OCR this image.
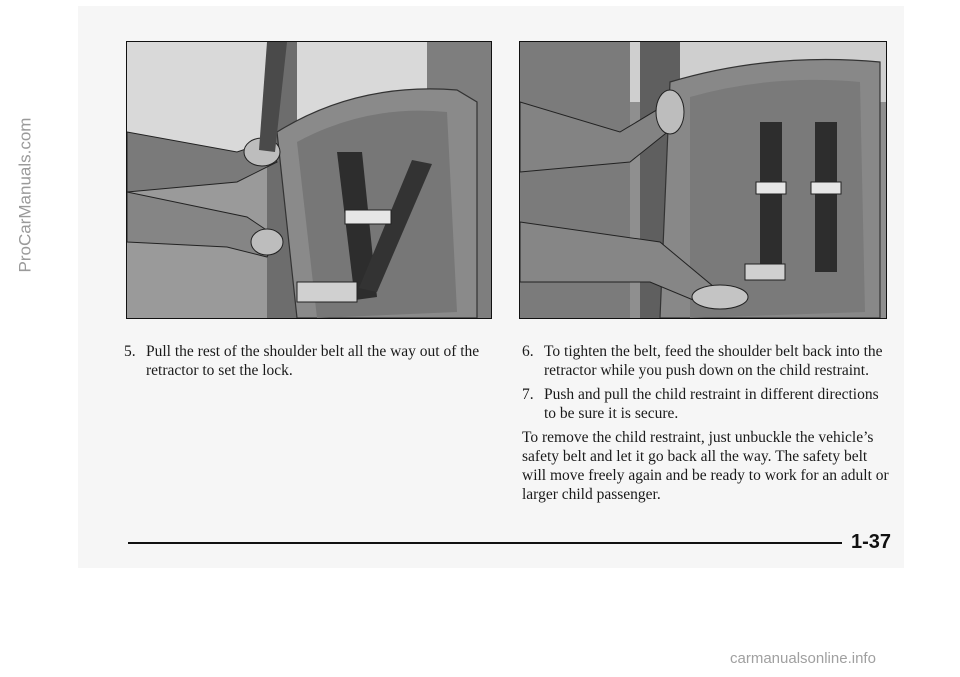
ProCarManuals.com
5. Pull the rest of the shoulder belt all the way out of the retractor to set the lock.
6. To tighten the belt, feed the shoulder belt back into the retractor while you push down on the child restraint.
7. Push and pull the child restraint in different directions to be sure it is secure.
To remove the child restraint, just unbuckle the vehicle’s safety belt and let it go back all the way. The safety belt will move freely again and be ready to work for an adult or larger child passenger.
1-37
carmanualsonline.info
